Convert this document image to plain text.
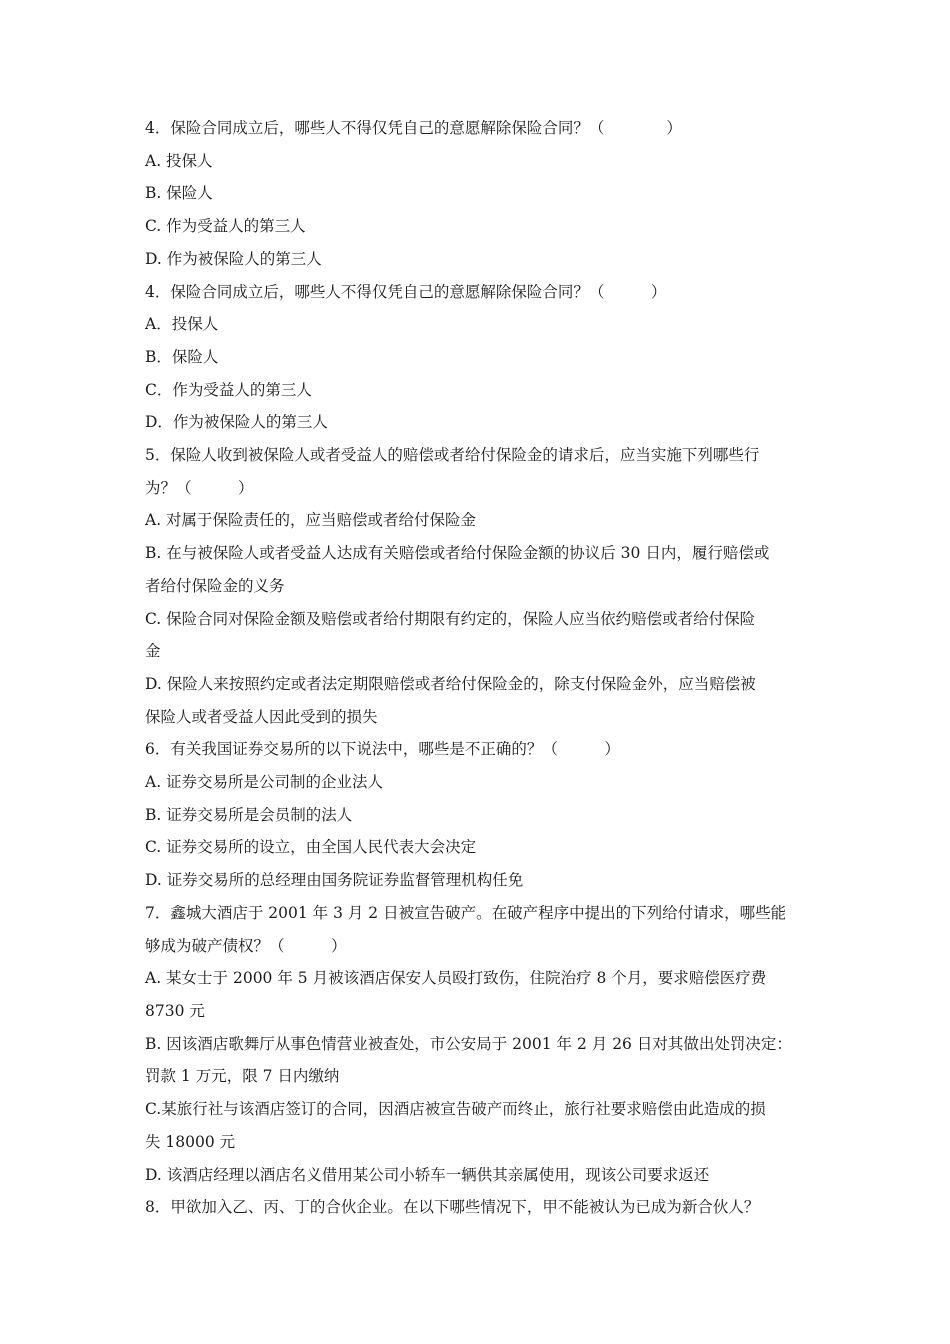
4．保险合同成立后，哪些人不得仅凭自己的意愿解除保险合同？（　　　　）
A. 投保人
B. 保险人
C. 作为受益人的第三人
D. 作为被保险人的第三人
4．保险合同成立后，哪些人不得仅凭自己的意愿解除保险合同？（　　　）
A．投保人
B．保险人
C．作为受益人的第三人
D．作为被保险人的第三人
5．保险人收到被保险人或者受益人的赔偿或者给付保险金的请求后，应当实施下列哪些行
为？（　　　）
A. 对属于保险责任的，应当赔偿或者给付保险金
B. 在与被保险人或者受益人达成有关赔偿或者给付保险金额的协议后 30 日内，履行赔偿或
者给付保险金的义务
C. 保险合同对保险金额及赔偿或者给付期限有约定的，保险人应当依约赔偿或者给付保险
金
D. 保险人来按照约定或者法定期限赔偿或者给付保险金的，除支付保险金外，应当赔偿被
保险人或者受益人因此受到的损失
6．有关我国证券交易所的以下说法中，哪些是不正确的？（　　　）
A. 证券交易所是公司制的企业法人
B. 证券交易所是会员制的法人
C. 证券交易所的设立，由全国人民代表大会决定
D. 证券交易所的总经理由国务院证券监督管理机构任免
7．鑫城大酒店于 2001 年 3 月 2 日被宣告破产。在破产程序中提出的下列给付请求，哪些能
够成为破产债权？（　　　）
A. 某女士于 2000 年 5 月被该酒店保安人员殴打致伤，住院治疗 8 个月，要求赔偿医疗费
8730 元
B. 因该酒店歌舞厅从事色情营业被查处，市公安局于 2001 年 2 月 26 日对其做出处罚决定：
罚款 1 万元，限 7 日内缴纳
C.某旅行社与该酒店签订的合同，因酒店被宣告破产而终止，旅行社要求赔偿由此造成的损
失 18000 元
D. 该酒店经理以酒店名义借用某公司小轿车一辆供其亲属使用，现该公司要求返还
8．甲欲加入乙、丙、丁的合伙企业。在以下哪些情况下，甲不能被认为已成为新合伙人？
